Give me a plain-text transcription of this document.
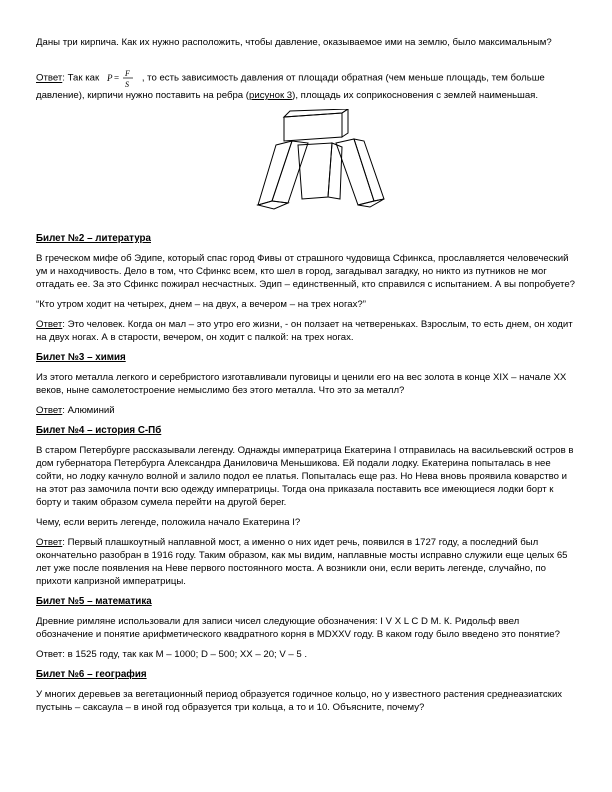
Даны три кирпича. Как их нужно расположить, чтобы давление, оказываемое ими на землю, было максимальным?

Ответ: Так как P = F
S
, то есть зависимость давления от площади обратная (чем меньше площадь, тем больше давление), кирпичи нужно поставить на ребра (рисунок 3), площадь их соприкосновения с землей наименьшая.

Билет №2 – литература

В греческом мифе об Эдипе, который спас город Фивы от страшного чудовища Сфинкса, прославляется человеческий ум и находчивость. Дело в том, что Сфинкс всем, кто шел в город, загадывал загадку, но никто из путников не мог отгадать ее. За это Сфинкс пожирал несчастных. Эдип – единственный, кто справился с испытанием. А вы попробуете?

“Кто утром ходит на четырех, днем – на двух, а вечером – на трех ногах?”

Ответ: Это человек. Когда он мал – это утро его жизни, - он ползает на четвереньках. Взрослым, то есть днем, он ходит на двух ногах. А в старости, вечером, он ходит с палкой: на трех ногах.

Билет №3 – химия

Из этого металла легкого и серебристого изготавливали пуговицы и ценили его на вес золота в конце XIX – начале XX веков, ныне самолетостроение немыслимо без этого металла. Что это за металл?

Ответ: Алюминий

Билет №4 – история С-Пб

В старом Петербурге рассказывали легенду. Однажды императрица Екатерина I отправилась на васильевский остров в дом губернатора Петербурга Александра Даниловича Меньшикова. Ей подали лодку. Екатерина попыталась в нее сойти, но лодку качнуло волной и залило подол ее платья. Попыталась еще раз. Но Нева вновь проявила коварство и на этот раз замочила почти всю одежду императрицы. Тогда она приказала поставить все имеющиеся лодки борт к борту и таким образом сумела перейти на другой берег.

Чему, если верить легенде, положила начало Екатерина I?

Ответ: Первый плашкоутный наплавной мост, а именно о них идет речь, появился в 1727 году, а последний был окончательно разобран в 1916 году. Таким образом, как мы видим, наплавные мосты исправно служили еще целых 65 лет уже после появления на Неве первого постоянного моста. А возникли они, если верить легенде, случайно, по прихоти капризной императрицы.

Билет №5 – математика

Древние римляне использовали для записи чисел следующие обозначения: I V X L C D M. К. Ридольф ввел обозначение и понятие арифметического квадратного корня в MDXXV году. В каком году было введено это понятие?

Ответ: в 1525 году, так как M – 1000; D – 500; XX – 20; V – 5 .

Билет №6 – география

У многих деревьев за вегетационный период образуется годичное кольцо, но у известного растения среднеазиатских пустынь – саксаула – в иной год образуется три кольца, а то и 10. Объясните, почему?
